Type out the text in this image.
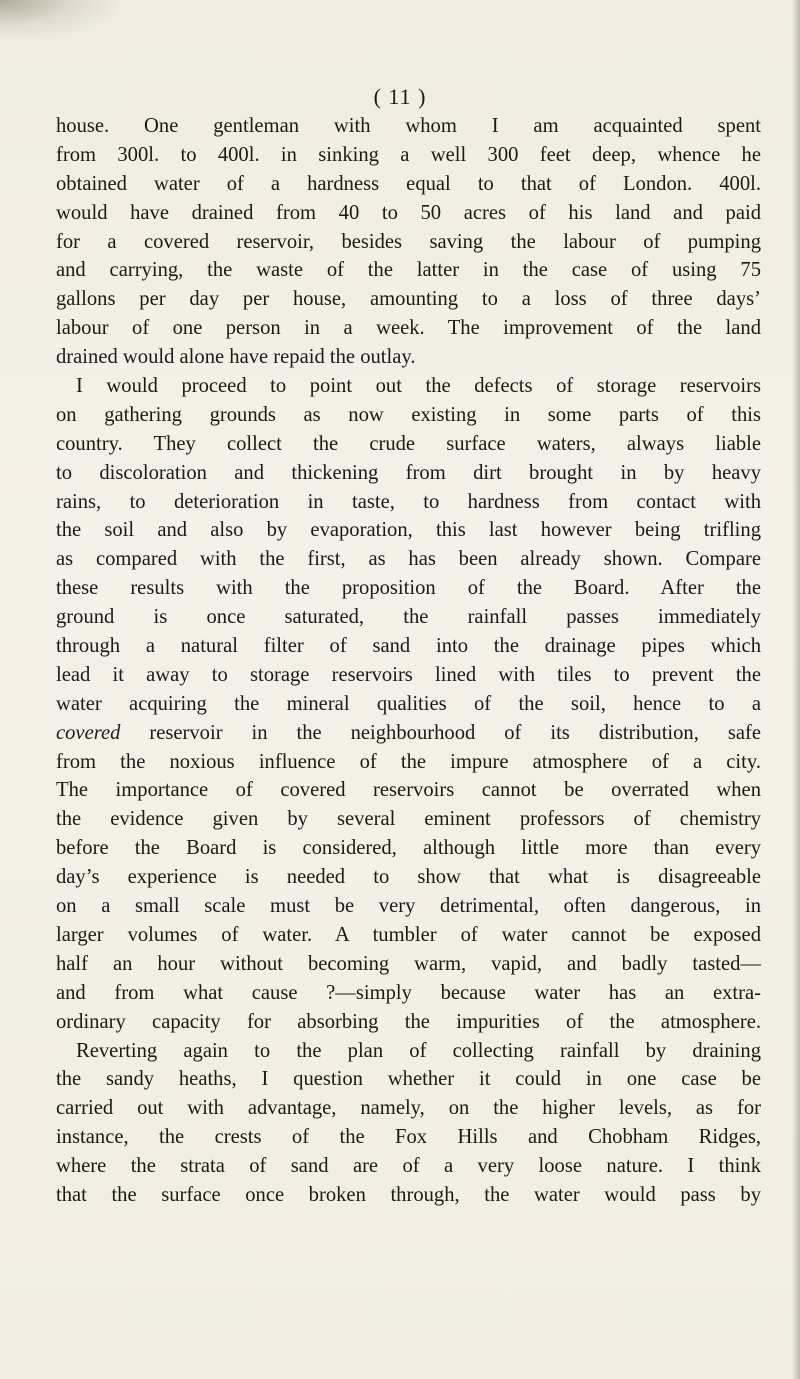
( 11 )
house. One gentleman with whom I am acquainted spent
from 300l. to 400l. in sinking a well 300 feet deep, whence he
obtained water of a hardness equal to that of London. 400l.
would have drained from 40 to 50 acres of his land and paid
for a covered reservoir, besides saving the labour of pumping
and carrying, the waste of the latter in the case of using 75
gallons per day per house, amounting to a loss of three days’
labour of one person in a week. The improvement of the land
drained would alone have repaid the outlay.
I would proceed to point out the defects of storage reservoirs
on gathering grounds as now existing in some parts of this
country. They collect the crude surface waters, always liable
to discoloration and thickening from dirt brought in by heavy
rains, to deterioration in taste, to hardness from contact with
the soil and also by evaporation, this last however being trifling
as compared with the first, as has been already shown. Compare
these results with the proposition of the Board. After the
ground is once saturated, the rainfall passes immediately
through a natural filter of sand into the drainage pipes which
lead it away to storage reservoirs lined with tiles to prevent the
water acquiring the mineral qualities of the soil, hence to a
covered reservoir in the neighbourhood of its distribution, safe
from the noxious influence of the impure atmosphere of a city.
The importance of covered reservoirs cannot be overrated when
the evidence given by several eminent professors of chemistry
before the Board is considered, although little more than every
day’s experience is needed to show that what is disagreeable
on a small scale must be very detrimental, often dangerous, in
larger volumes of water. A tumbler of water cannot be exposed
half an hour without becoming warm, vapid, and badly tasted—
and from what cause ?—simply because water has an extra-
ordinary capacity for absorbing the impurities of the atmosphere.
Reverting again to the plan of collecting rainfall by draining
the sandy heaths, I question whether it could in one case be
carried out with advantage, namely, on the higher levels, as for
instance, the crests of the Fox Hills and Chobham Ridges,
where the strata of sand are of a very loose nature. I think
that the surface once broken through, the water would pass by
